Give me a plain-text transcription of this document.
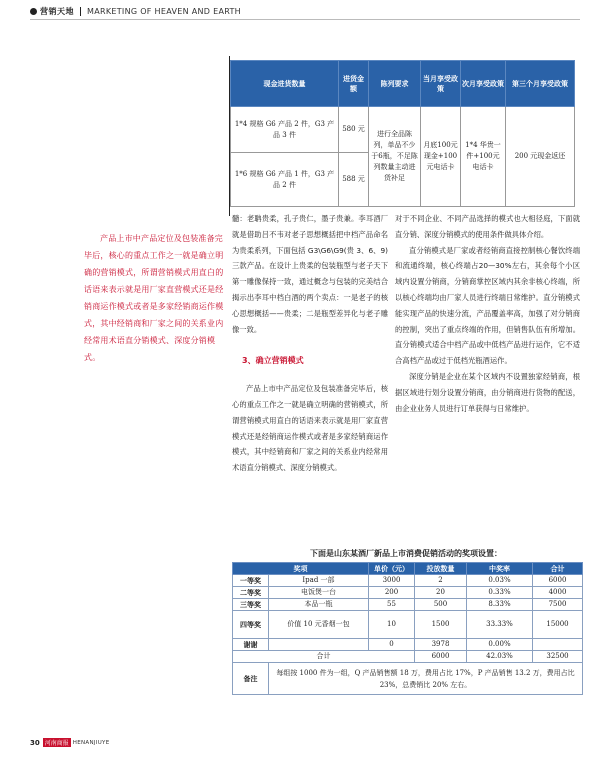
营销天地 MARKETING OF HEAVEN AND EARTH
现金进货数量	进货金额	陈列要求	当月享受政策	次月享受政策	第三个月享受政策
1*4 规格 G6 产品 2 件，G3 产品 3 件	580 元	进行全品陈列，单品不少于6瓶，不足陈列数量主动进货补足	月底100元现金+100元电话卡	1*4 华贵一件+100元电话卡	200 元现金返还
1*6 规格 G6 产品 1 件，G3 产品 2 件	588 元				
产品上市中产品定位及包装准备完毕后，核心的重点工作之一就是确立明确的营销模式，所谓营销模式用直白的话语来表示就是用厂家直营模式还是经销商运作模式或者是多家经销商运作模式，其中经销商和厂家之间的关系业内经常用术语直分销模式、深度分销模式。

髓：老聃贵柔，孔子贵仁，墨子贵兼。李耳酒厂就是借助吕不韦对老子思想概括把中档产品命名为贵柔系列，下面包括 G3\G6\G9(贵 3、6、9) 三款产品。在设计上贵柔的包装瓶型与老子天下第一雕像保持一致，通过概念与包装的完美结合揭示出李耳中档白酒的两个卖点：一是老子的核心思想概括——贵柔；二是瓶型差异化与老子雕像一致。

3、确立营销模式

产品上市中产品定位及包装准备完毕后，核心的重点工作之一就是确立明确的营销模式，所谓营销模式用直白的话语来表示就是用厂家直营模式还是经销商运作模式或者是多家经销商运作模式，其中经销商和厂家之间的关系业内经常用术语直分销模式、深度分销模式。

对于不同企业、不同产品选择的模式也大相径庭，下面就直分销、深度分销模式的使用条件做具体介绍。

直分销模式是厂家或者经销商直接控制核心餐饮终端和流通终端，核心终端占20—30%左右，其余每个小区域内设置分销商，分销商掌控区域内其余非核心终端，所以核心终端均由厂家人员进行终端日常维护。直分销模式能实现产品的快速分流，产品覆盖率高，加强了对分销商的控制，突出了重点终端的作用，但销售队伍有所增加。直分销模式适合中档产品或中低档产品进行运作，它不适合高档产品或过于低档光瓶酒运作。

深度分销是企业在某个区域内不设置独家经销商，根据区域进行划分设置分销商，由分销商进行货物的配送，由企业业务人员进行订单获得与日常维护。

下面是山东某酒厂新品上市消费促销活动的奖项设置：
奖项		单价（元）	投放数量	中奖率	合计
一等奖	Ipad 一部	3000	2	0.03%	6000
二等奖	电饭煲一台	200	20	0.33%	4000
三等奖	本品一瓶	55	500	8.33%	7500
四等奖	价值 10 元香烟一包	10	1500	33.33%	15000
谢谢		0	3978	0.00%	
合计			6000	42.03%	32500
备注	每组按 1000 件为一组，Q 产品销售额 18 万，费用占比 17%，P 产品销售 13.2 万，费用占比 23%，总费销比 20% 左右。				
30 河南商报 HENANJIUYE
